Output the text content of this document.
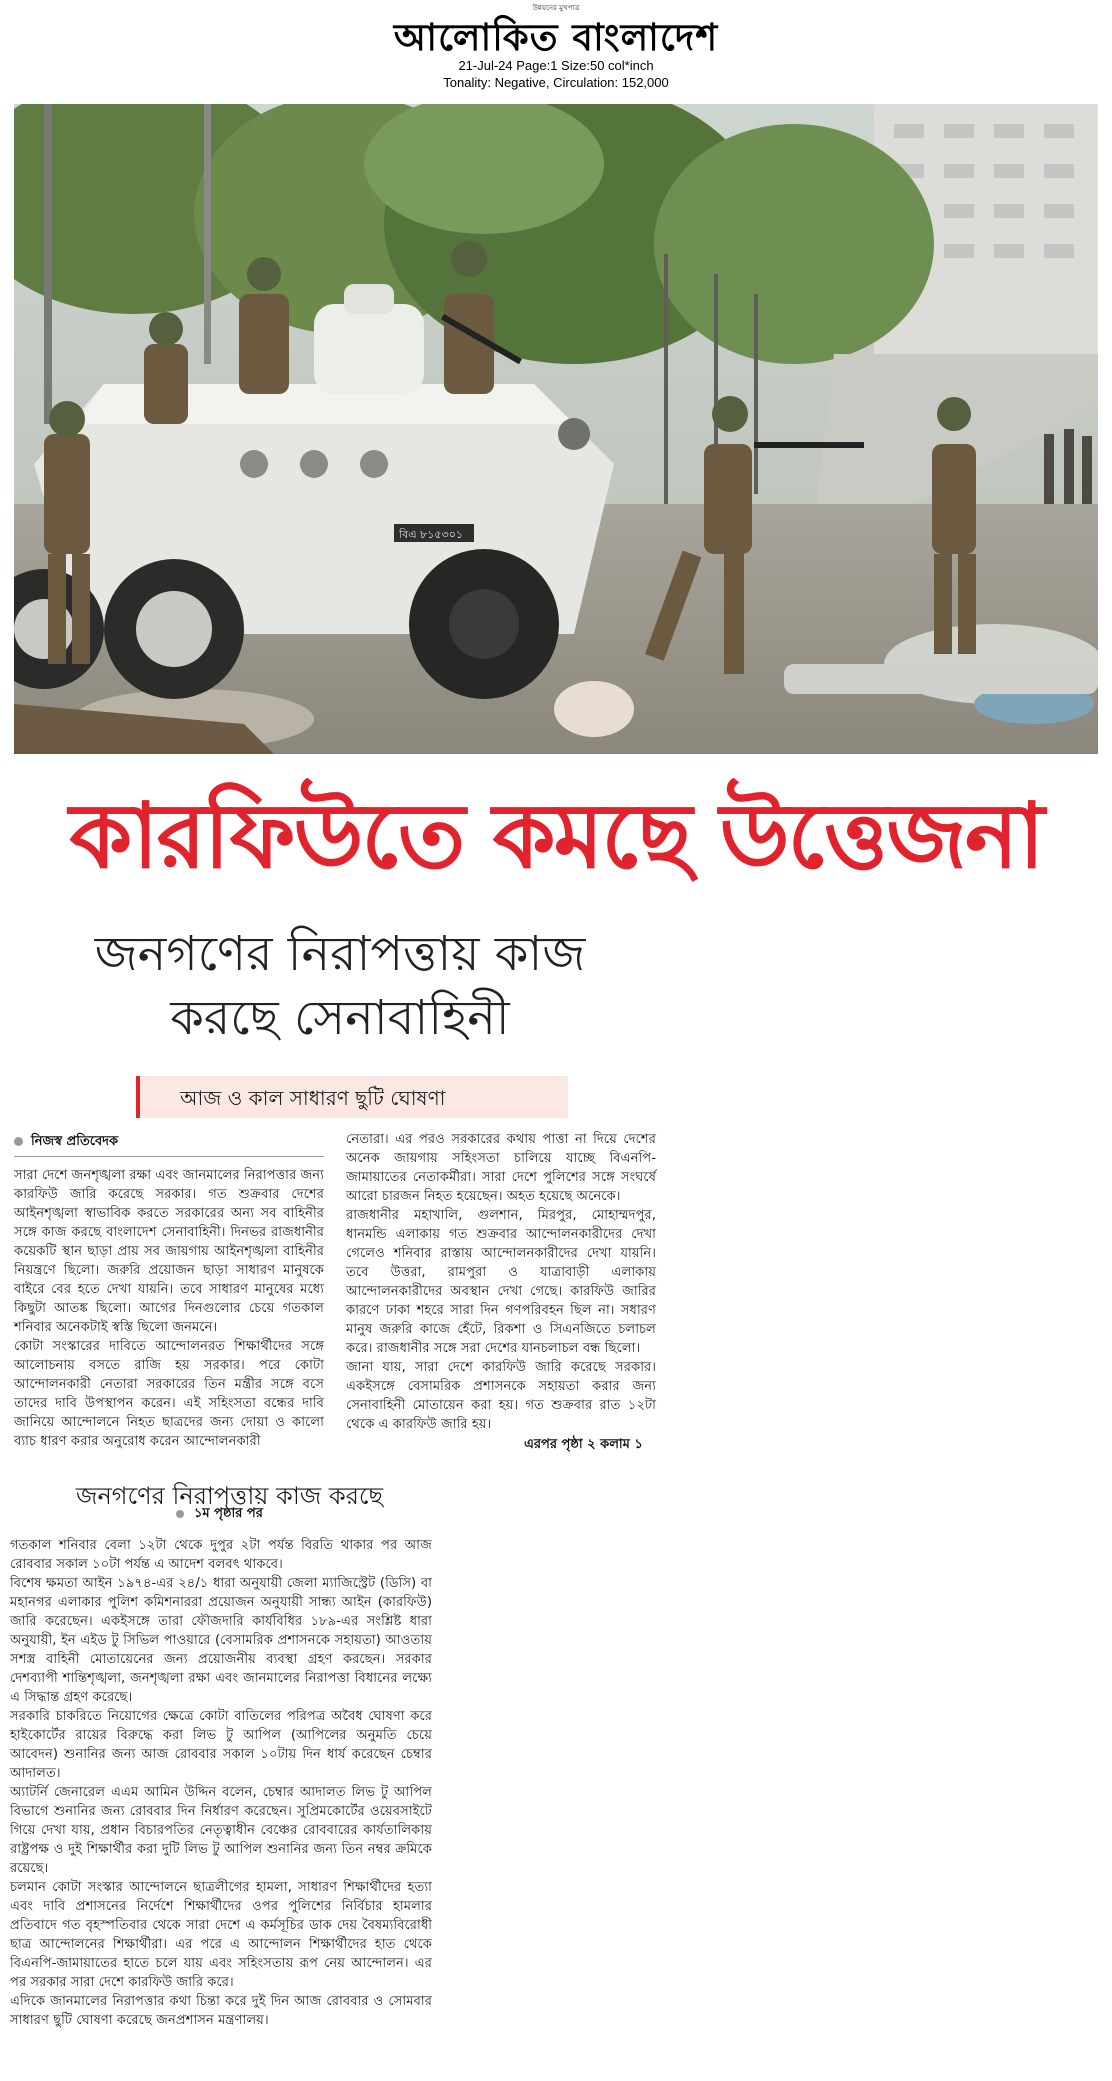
উন্নয়নের মুখপাত্র
আলোকিত বাংলাদেশ
21-Jul-24 Page:1 Size:50 col*inch
Tonality: Negative, Circulation: 152,000
বিএ ৮১৫৩০১
কারফিউতে কমছে উত্তেজনা
জনগণের নিরাপত্তায় কাজ
করছে সেনাবাহিনী
আজ ও কাল সাধারণ ছুটি ঘোষণা
নিজস্ব প্রতিবেদক
সারা দেশে জনশৃঙ্খলা রক্ষা এবং জানমালের নিরাপত্তার জন্য কারফিউ জারি করেছে সরকার। গত শুক্রবার দেশের আইনশৃঙ্খলা স্বাভাবিক করতে সরকারের অন্য সব বাহিনীর সঙ্গে কাজ করছে বাংলাদেশ সেনাবাহিনী। দিনভর রাজধানীর কয়েকটি স্থান ছাড়া প্রায় সব জায়গায় আইনশৃঙ্খলা বাহিনীর নিয়ন্ত্রণে ছিলো। জরুরি প্রয়োজন ছাড়া সাধারণ মানুষকে বাইরে বের হতে দেখা যায়নি। তবে সাধারণ মানুষের মধ্যে কিছুটা আতঙ্ক ছিলো। আগের দিনগুলোর চেয়ে গতকাল শনিবার অনেকটাই স্বস্তি ছিলো জনমনে।
কোটা সংস্কারের দাবিতে আন্দোলনরত শিক্ষার্থীদের সঙ্গে আলোচনায় বসতে রাজি হয় সরকার। পরে কোটা আন্দোলনকারী নেতারা সরকারের তিন মন্ত্রীর সঙ্গে বসে তাদের দাবি উপস্থাপন করেন। এই সহিংসতা বন্ধের দাবি জানিয়ে আন্দোলনে নিহত ছাত্রদের জন্য দোয়া ও কালো ব্যাচ ধারণ করার অনুরোধ করেন আন্দোলনকারী
নেতারা। এর পরও সরকারের কথায় পাত্তা না দিয়ে দেশের অনেক জায়গায় সহিংসতা চালিয়ে যাচ্ছে বিএনপি-জামায়াতের নেতাকর্মীরা। সারা দেশে পুলিশের সঙ্গে সংঘর্ষে আরো চারজন নিহত হয়েছেন। অহত হয়েছে অনেকে।
রাজধানীর মহাখালি, গুলশান, মিরপুর, মোহাম্মদপুর, ধানমন্ডি এলাকায় গত শুক্রবার আন্দোলনকারীদের দেখা গেলেও শনিবার রাস্তায় আন্দোলনকারীদের দেখা যায়নি। তবে উত্তরা, রামপুরা ও যাত্রাবাড়ী এলাকায় আন্দোলনকারীদের অবস্থান দেখা গেছে। কারফিউ জারির কারণে ঢাকা শহরে সারা দিন গণপরিবহন ছিল না। সধারণ মানুষ জরুরি কাজে হেঁটে, রিকশা ও সিএনজিতে চলাচল করে। রাজধানীর সঙ্গে সরা দেশের যানচলাচল বন্ধ ছিলো।
জানা যায়, সারা দেশে কারফিউ জারি করেছে সরকার। একইসঙ্গে বেসামরিক প্রশাসনকে সহায়তা করার জন্য সেনাবাহিনী মোতায়েন করা হয়। গত শুক্রবার রাত ১২টা থেকে এ কারফিউ জারি হয়।
এরপর পৃষ্ঠা ২ কলাম ১
জনগণের নিরাপত্তায় কাজ করছে
১ম পৃষ্ঠার পর
গতকাল শনিবার বেলা ১২টা থেকে দুপুর ২টা পর্যন্ত বিরতি থাকার পর আজ রোববার সকাল ১০টা পর্যন্ত এ আদেশ বলবৎ থাকবে।
বিশেষ ক্ষমতা আইন ১৯৭৪-এর ২৪/১ ধারা অনুযায়ী জেলা ম্যাজিস্ট্রেট (ডিসি) বা মহানগর এলাকার পুলিশ কমিশনাররা প্রয়োজন অনুযায়ী সান্ধ্য আইন (কারফিউ) জারি করেছেন। একইসঙ্গে তারা ফৌজদারি কার্যবিধির ১৮৯-এর সংশ্লিষ্ট ধারা অনুযায়ী, ইন এইড টু সিভিল পাওয়ারে (বেসামরিক প্রশাসনকে সহায়তা) আওতায় সশস্ত্র বাহিনী মোতায়েনের জন্য প্রয়োজনীয় ব্যবস্থা গ্রহণ করছেন। সরকার দেশব্যাপী শান্তিশৃঙ্খলা, জনশৃঙ্খলা রক্ষা এবং জানমালের নিরাপত্তা বিধানের লক্ষ্যে এ সিদ্ধান্ত গ্রহণ করেছে।
সরকারি চাকরিতে নিয়োগের ক্ষেত্রে কোটা বাতিলের পরিপত্র অবৈধ ঘোষণা করে হাইকোর্টের রায়ের বিরুদ্ধে করা লিভ টু আপিল (আপিলের অনুমতি চেয়ে আবেদন) শুনানির জন্য আজ রোববার সকাল ১০টায় দিন ধার্য করেছেন চেম্বার আদালত।
অ্যাটর্নি জেনারেল এএম আমিন উদ্দিন বলেন, চেম্বার আদালত লিভ টু আপিল বিভাগে শুনানির জন্য রোববার দিন নির্ধারণ করেছেন। সুপ্রিমকোর্টের ওয়েবসাইটে গিয়ে দেখা যায়, প্রধান বিচারপতির নেতৃত্বাধীন বেঞ্চের রোববারের কার্যতালিকায় রাষ্ট্রপক্ষ ও দুই শিক্ষার্থীর করা দুটি লিভ টু আপিল শুনানির জন্য তিন নম্বর ক্রমিকে রয়েছে।
চলমান কোটা সংস্কার আন্দোলনে ছাত্রলীগের হামলা, সাধারণ শিক্ষার্থীদের হত্যা এবং দাবি প্রশাসনের নির্দেশে শিক্ষার্থীদের ওপর পুলিশের নির্বিচার হামলার প্রতিবাদে গত বৃহস্পতিবার থেকে সারা দেশে এ কর্মসূচির ডাক দেয় বৈষম্যবিরোধী ছাত্র আন্দোলনের শিক্ষার্থীরা। এর পরে এ আন্দোলন শিক্ষার্থীদের হাত থেকে বিএনপি-জামায়াতের হাতে চলে যায় এবং সহিংসতায় রূপ নেয় আন্দোলন। এর পর সরকার সারা দেশে কারফিউ জারি করে।
এদিকে জানমালের নিরাপত্তার কথা চিন্তা করে দুই দিন আজ রোববার ও সোমবার সাধারণ ছুটি ঘোষণা করেছে জনপ্রশাসন মন্ত্রণালয়।
